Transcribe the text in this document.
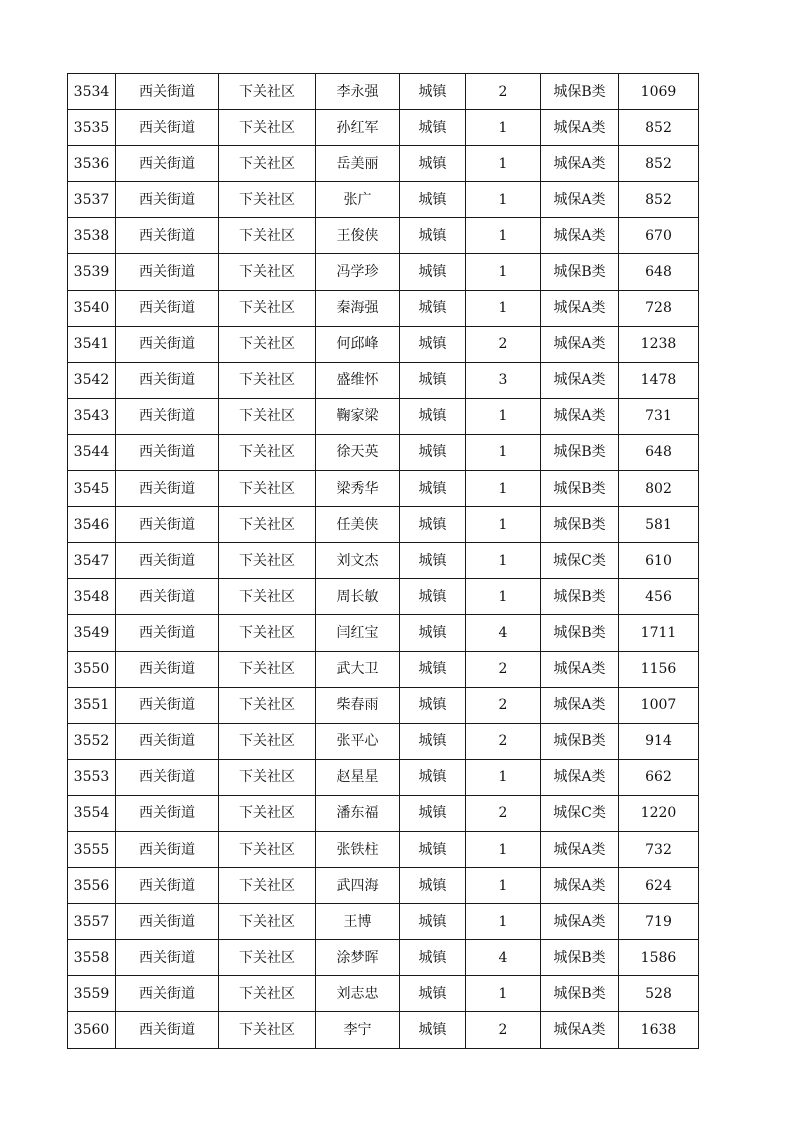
3534	西关街道	下关社区	李永强	城镇	2	城保B类	1069
3535	西关街道	下关社区	孙红军	城镇	1	城保A类	852
3536	西关街道	下关社区	岳美丽	城镇	1	城保A类	852
3537	西关街道	下关社区	张广	城镇	1	城保A类	852
3538	西关街道	下关社区	王俊侠	城镇	1	城保A类	670
3539	西关街道	下关社区	冯学珍	城镇	1	城保B类	648
3540	西关街道	下关社区	秦海强	城镇	1	城保A类	728
3541	西关街道	下关社区	何邱峰	城镇	2	城保A类	1238
3542	西关街道	下关社区	盛维怀	城镇	3	城保A类	1478
3543	西关街道	下关社区	鞠家梁	城镇	1	城保A类	731
3544	西关街道	下关社区	徐天英	城镇	1	城保B类	648
3545	西关街道	下关社区	梁秀华	城镇	1	城保B类	802
3546	西关街道	下关社区	任美侠	城镇	1	城保B类	581
3547	西关街道	下关社区	刘文杰	城镇	1	城保C类	610
3548	西关街道	下关社区	周长敏	城镇	1	城保B类	456
3549	西关街道	下关社区	闫红宝	城镇	4	城保B类	1711
3550	西关街道	下关社区	武大卫	城镇	2	城保A类	1156
3551	西关街道	下关社区	柴春雨	城镇	2	城保A类	1007
3552	西关街道	下关社区	张平心	城镇	2	城保B类	914
3553	西关街道	下关社区	赵星星	城镇	1	城保A类	662
3554	西关街道	下关社区	潘东福	城镇	2	城保C类	1220
3555	西关街道	下关社区	张铁柱	城镇	1	城保A类	732
3556	西关街道	下关社区	武四海	城镇	1	城保A类	624
3557	西关街道	下关社区	王博	城镇	1	城保A类	719
3558	西关街道	下关社区	涂梦晖	城镇	4	城保B类	1586
3559	西关街道	下关社区	刘志忠	城镇	1	城保B类	528
3560	西关街道	下关社区	李宁	城镇	2	城保A类	1638
